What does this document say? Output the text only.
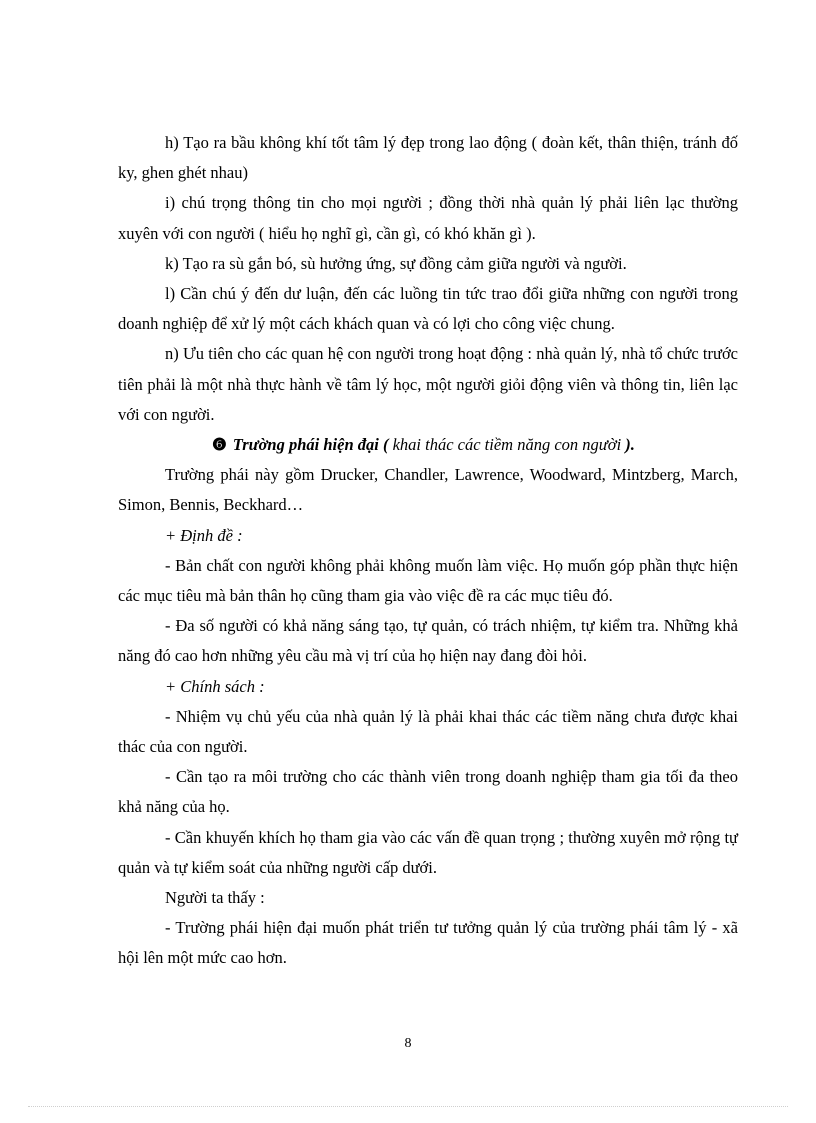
h) Tạo ra bầu không khí tốt tâm lý đẹp trong lao động ( đoàn kết, thân thiện, tránh đố ky, ghen ghét nhau)

i) chú trọng thông tin cho mọi người ; đồng thời nhà quản lý phải liên lạc thường xuyên với con người ( hiểu họ nghĩ gì, cần gì, có khó khăn gì ).

k) Tạo ra sù gắn bó, sù hưởng ứng, sự đồng cảm giữa người và người.

l) Cần chú ý đến dư luận, đến các luồng tin tức trao đổi giữa những con người trong doanh nghiệp để xử lý một cách khách quan và có lợi cho công việc chung.

n) Ưu tiên cho các quan hệ con người trong hoạt động : nhà quản lý, nhà tổ chức trước tiên phải là một nhà thực hành về tâm lý học, một người giỏi động viên và thông tin, liên lạc với con người.

❻ Trường phái hiện đại ( khai thác các tiềm năng con người ).

Trường phái này gồm Drucker, Chandler, Lawrence, Woodward, Mintzberg, March, Simon, Bennis, Beckhard…

+ Định đề :

- Bản chất con người không phải không muốn làm việc. Họ muốn góp phần thực hiện các mục tiêu mà bản thân họ cũng tham gia vào việc đề ra các mục tiêu đó.

- Đa số người có khả năng sáng tạo, tự quản, có trách nhiệm, tự kiểm tra. Những khả năng đó cao hơn những yêu cầu mà vị trí của họ hiện nay đang đòi hỏi.

+ Chính sách :

- Nhiệm vụ chủ yếu của nhà quản lý là phải khai thác các tiềm năng chưa được khai thác của con người.

- Cần tạo ra môi trường cho các thành viên trong doanh nghiệp tham gia tối đa theo khả năng của họ.

- Cần khuyến khích họ tham gia vào các vấn đề quan trọng ; thường xuyên mở rộng tự quản và tự kiểm soát của những người cấp dưới.

Người ta thấy :

- Trường phái hiện đại muốn phát triển tư tưởng quản lý của trường phái tâm lý - xã hội lên một mức cao hơn.

8
